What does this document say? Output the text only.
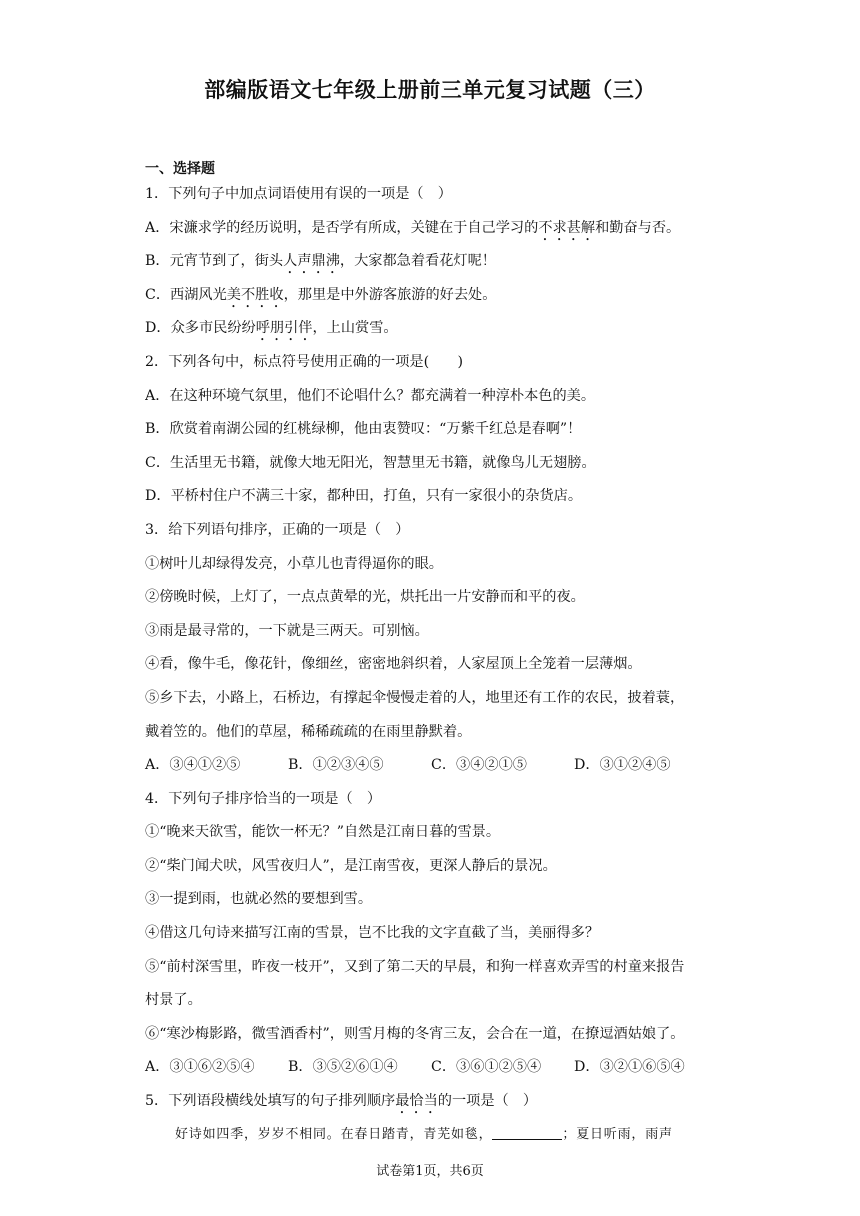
部编版语文七年级上册前三单元复习试题（三）
一、选择题
1．下列句子中加点词语使用有误的一项是（　）
A．宋濂求学的经历说明，是否学有所成，关键在于自己学习的不求甚解和勤奋与否。
B．元宵节到了，街头人声鼎沸，大家都急着看花灯呢！
C．西湖风光美不胜收，那里是中外游客旅游的好去处。
D．众多市民纷纷呼朋引伴，上山赏雪。
2．下列各句中，标点符号使用正确的一项是(　　)
A．在这种环境气氛里，他们不论唱什么？都充满着一种淳朴本色的美。
B．欣赏着南湖公园的红桃绿柳，他由衷赞叹：“万紫千红总是春啊”！
C．生活里无书籍，就像大地无阳光，智慧里无书籍，就像鸟儿无翅膀。
D．平桥村住户不满三十家，都种田，打鱼，只有一家很小的杂货店。
3．给下列语句排序，正确的一项是（　）
①树叶儿却绿得发亮，小草儿也青得逼你的眼。
②傍晚时候，上灯了，一点点黄晕的光，烘托出一片安静而和平的夜。
③雨是最寻常的，一下就是三两天。可别恼。
④看，像牛毛，像花针，像细丝，密密地斜织着，人家屋顶上全笼着一层薄烟。
⑤乡下去，小路上，石桥边，有撑起伞慢慢走着的人，地里还有工作的农民，披着蓑，
戴着笠的。他们的草屋，稀稀疏疏的在雨里静默着。
A．③④①②⑤	B．①②③④⑤	C．③④②①⑤	D．③①②④⑤
4．下列句子排序恰当的一项是（　）
①“晚来天欲雪，能饮一杯无？”自然是江南日暮的雪景。
②“柴门闻犬吠，风雪夜归人”，是江南雪夜，更深人静后的景况。
③一提到雨，也就必然的要想到雪。
④借这几句诗来描写江南的雪景，岂不比我的文字直截了当，美丽得多？
⑤“前村深雪里，昨夜一枝开”，又到了第二天的早晨，和狗一样喜欢弄雪的村童来报告
村景了。
⑥“寒沙梅影路，微雪酒香村”，则雪月梅的冬宵三友，会合在一道，在撩逗酒姑娘了。
A．③①⑥②⑤④	B．③⑤②⑥①④	C．③⑥①②⑤④	D．③②①⑥⑤④
5．下列语段横线处填写的句子排列顺序最恰当的一项是（　）
好诗如四季，岁岁不相同。在春日踏青，青芜如毯，	；夏日听雨，雨声
试卷第1页，共6页
